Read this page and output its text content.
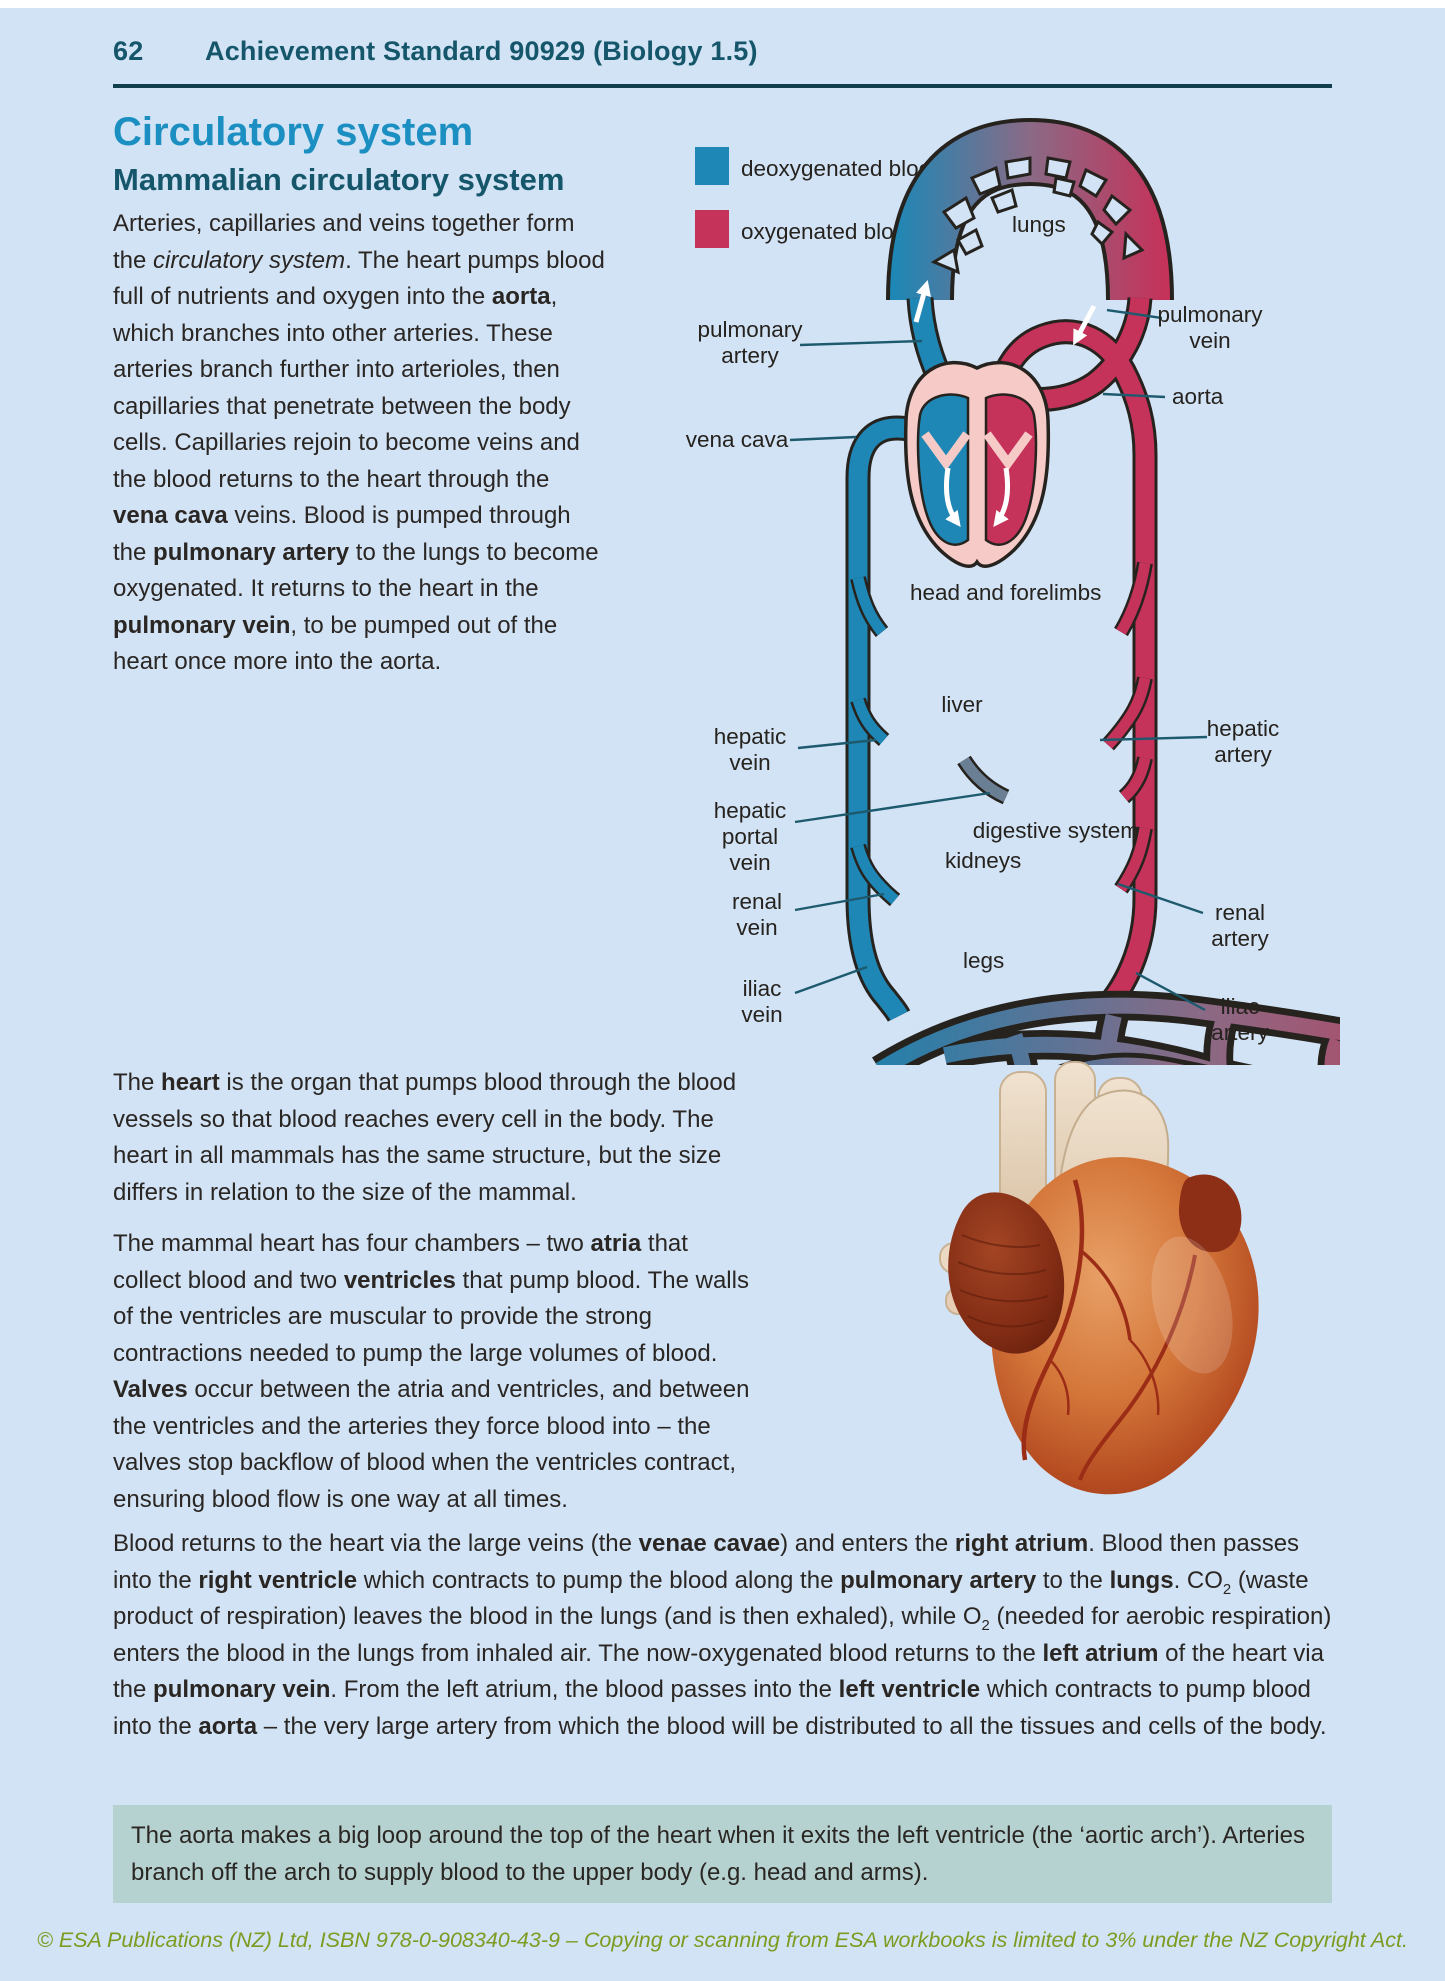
62 Achievement Standard 90929 (Biology 1.5)
Circulatory system
Mammalian circulatory system
Arteries, capillaries and veins together form the circulatory system. The heart pumps blood full of nutrients and oxygen into the aorta, which branches into other arteries. These arteries branch further into arterioles, then capillaries that penetrate between the body cells. Capillaries rejoin to become veins and the blood returns to the heart through the vena cava veins. Blood is pumped through the pulmonary artery to the lungs to become oxygenated. It returns to the heart in the pulmonary vein, to be pumped out of the heart once more into the aorta.
deoxygenated blood
oxygenated blood	lungs
pulmonary
artery
pulmonary
vein
aorta
vena cava
head and forelimbs
liver
hepatic
vein
hepatic
artery
hepatic
portal
vein
digestive system
kidneys
renal
vein
renal
artery
legs
iliac
vein	iliac
artery
The heart is the organ that pumps blood through the blood vessels so that blood reaches every cell in the body. The heart in all mammals has the same structure, but the size differs in relation to the size of the mammal.
The mammal heart has four chambers – two atria that collect blood and two ventricles that pump blood. The walls of the ventricles are muscular to provide the strong contractions needed to pump the large volumes of blood. Valves occur between the atria and ventricles, and between the ventricles and the arteries they force blood into – the valves stop backflow of blood when the ventricles contract, ensuring blood flow is one way at all times.
Blood returns to the heart via the large veins (the venae cavae) and enters the right atrium. Blood then passes into the right ventricle which contracts to pump the blood along the pulmonary artery to the lungs. $CO_2$ (waste product of respiration) leaves the blood in the lungs (and is then exhaled), while $O_2$ (needed for aerobic respiration) enters the blood in the lungs from inhaled air. The now-oxygenated blood returns to the left atrium of the heart via the pulmonary vein. From the left atrium, the blood passes into the left ventricle which contracts to pump blood into the aorta – the very large artery from which the blood will be distributed to all the tissues and cells of the body.
The aorta makes a big loop around the top of the heart when it exits the left ventricle (the ‘aortic arch’). Arteries branch off the arch to supply blood to the upper body (e.g. head and arms).
© ESA Publications (NZ) Ltd, ISBN 978-0-908340-43-9 – Copying or scanning from ESA workbooks is limited to 3% under the NZ Copyright Act.
